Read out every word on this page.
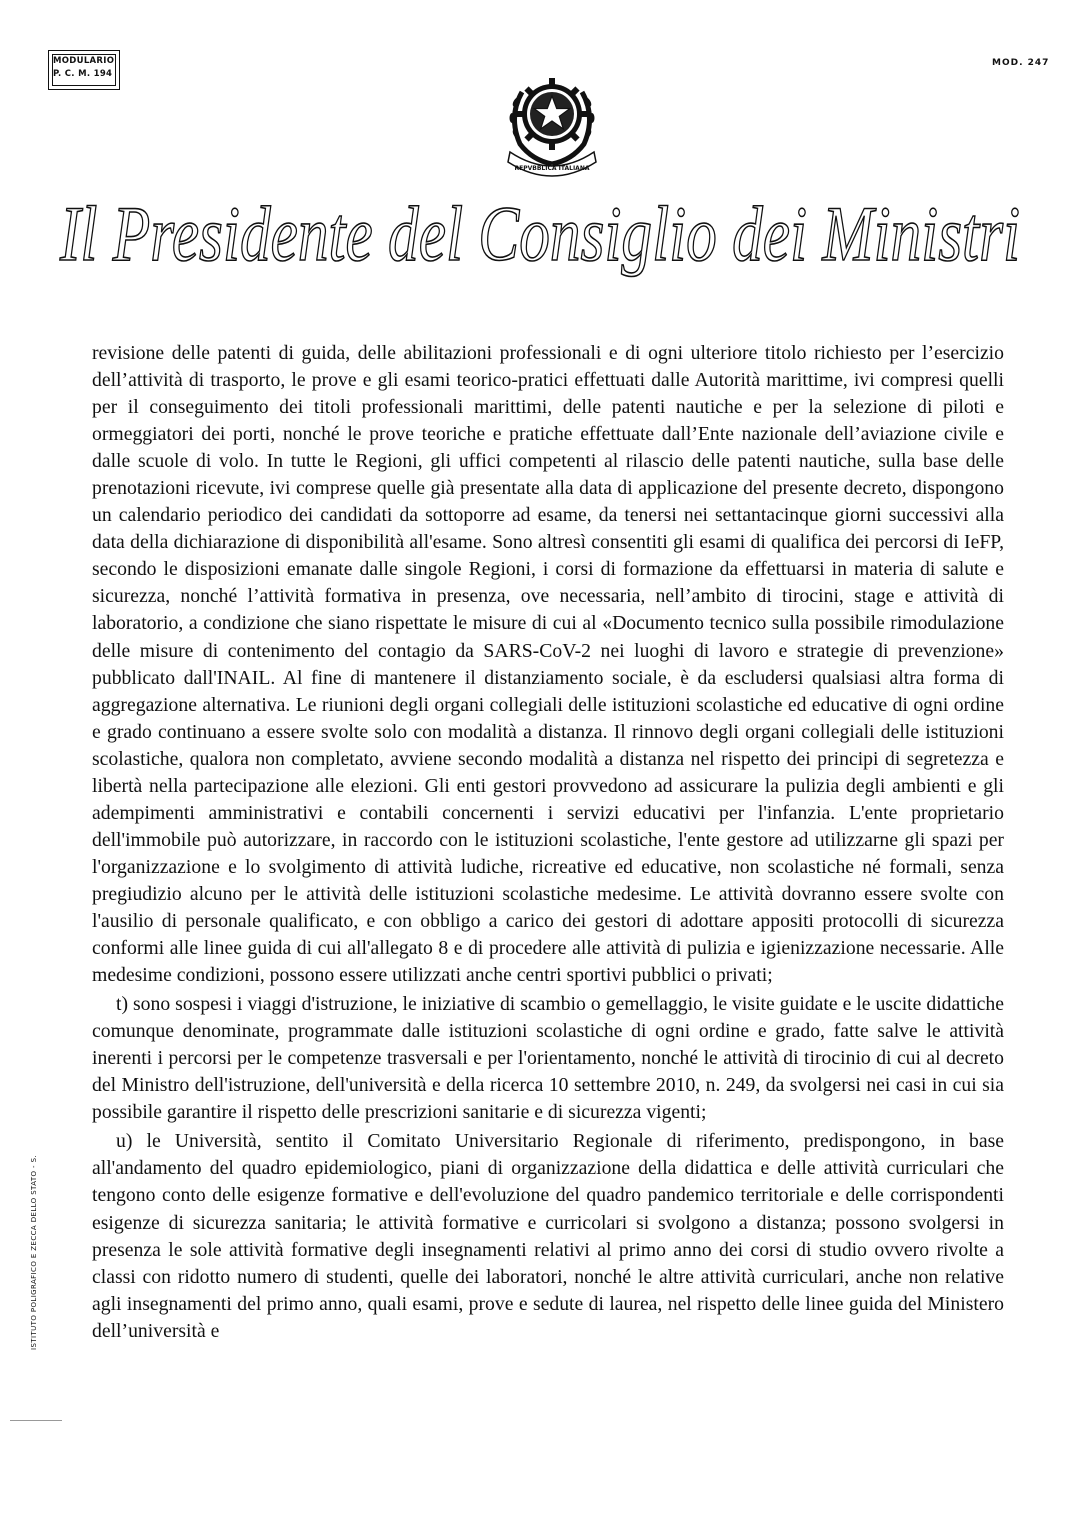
MODULARIO
P. C. M. 194
MOD. 247
REPVBBLICA ITALIANA
Il Presidente del Consiglio dei Ministri

revisione delle patenti di guida, delle abilitazioni professionali e di ogni ulteriore titolo richiesto per l’esercizio dell’attività di trasporto, le prove e gli esami teorico-pratici effettuati dalle Autorità marittime, ivi compresi quelli per il conseguimento dei titoli professionali marittimi, delle patenti nautiche e per la selezione di piloti e ormeggiatori dei porti, nonché le prove teoriche e pratiche effettuate dall’Ente nazionale dell’aviazione civile e dalle scuole di volo. In tutte le Regioni, gli uffici competenti al rilascio delle patenti nautiche, sulla base delle prenotazioni ricevute, ivi comprese quelle già presentate alla data di applicazione del presente decreto, dispongono un calendario periodico dei candidati da sottoporre ad esame, da tenersi nei settantacinque giorni successivi alla data della dichiarazione di disponibilità all'esame. Sono altresì consentiti gli esami di qualifica dei percorsi di IeFP, secondo le disposizioni emanate dalle singole Regioni, i corsi di formazione da effettuarsi in materia di salute e sicurezza, nonché l’attività formativa in presenza, ove necessaria, nell’ambito di tirocini, stage e attività di laboratorio, a condizione che siano rispettate le misure di cui al «Documento tecnico sulla possibile rimodulazione delle misure di contenimento del contagio da SARS-CoV-2 nei luoghi di lavoro e strategie di prevenzione» pubblicato dall'INAIL. Al fine di mantenere il distanziamento sociale, è da escludersi qualsiasi altra forma di aggregazione alternativa. Le riunioni degli organi collegiali delle istituzioni scolastiche ed educative di ogni ordine e grado continuano a essere svolte solo con modalità a distanza. Il rinnovo degli organi collegiali delle istituzioni scolastiche, qualora non completato, avviene secondo modalità a distanza nel rispetto dei principi di segretezza e libertà nella partecipazione alle elezioni. Gli enti gestori provvedono ad assicurare la pulizia degli ambienti e gli adempimenti amministrativi e contabili concernenti i servizi educativi per l'infanzia. L'ente proprietario dell'immobile può autorizzare, in raccordo con le istituzioni scolastiche, l'ente gestore ad utilizzarne gli spazi per l'organizzazione e lo svolgimento di attività ludiche, ricreative ed educative, non scolastiche né formali, senza pregiudizio alcuno per le attività delle istituzioni scolastiche medesime. Le attività dovranno essere svolte con l'ausilio di personale qualificato, e con obbligo a carico dei gestori di adottare appositi protocolli di sicurezza conformi alle linee guida di cui all'allegato 8 e di procedere alle attività di pulizia e igienizzazione necessarie. Alle medesime condizioni, possono essere utilizzati anche centri sportivi pubblici o privati;

t) sono sospesi i viaggi d'istruzione, le iniziative di scambio o gemellaggio, le visite guidate e le uscite didattiche comunque denominate, programmate dalle istituzioni scolastiche di ogni ordine e grado, fatte salve le attività inerenti i percorsi per le competenze trasversali e per l'orientamento, nonché le attività di tirocinio di cui al decreto del Ministro dell'istruzione, dell'università e della ricerca 10 settembre 2010, n. 249, da svolgersi nei casi in cui sia possibile garantire il rispetto delle prescrizioni sanitarie e di sicurezza vigenti;

u) le Università, sentito il Comitato Universitario Regionale di riferimento, predispongono, in base all'andamento del quadro epidemiologico, piani di organizzazione della didattica e delle attività curriculari che tengono conto delle esigenze formative e dell'evoluzione del quadro pandemico territoriale e delle corrispondenti esigenze di sicurezza sanitaria; le attività formative e curricolari si svolgono a distanza; possono svolgersi in presenza le sole attività formative degli insegnamenti relativi al primo anno dei corsi di studio ovvero rivolte a classi con ridotto numero di studenti, quelle dei laboratori, nonché le altre attività curriculari, anche non relative agli insegnamenti del primo anno, quali esami, prove e sedute di laurea, nel rispetto delle linee guida del Ministero dell’università e

ISTITUTO POLIGRAFICO E ZECCA DELLO STATO - S.
